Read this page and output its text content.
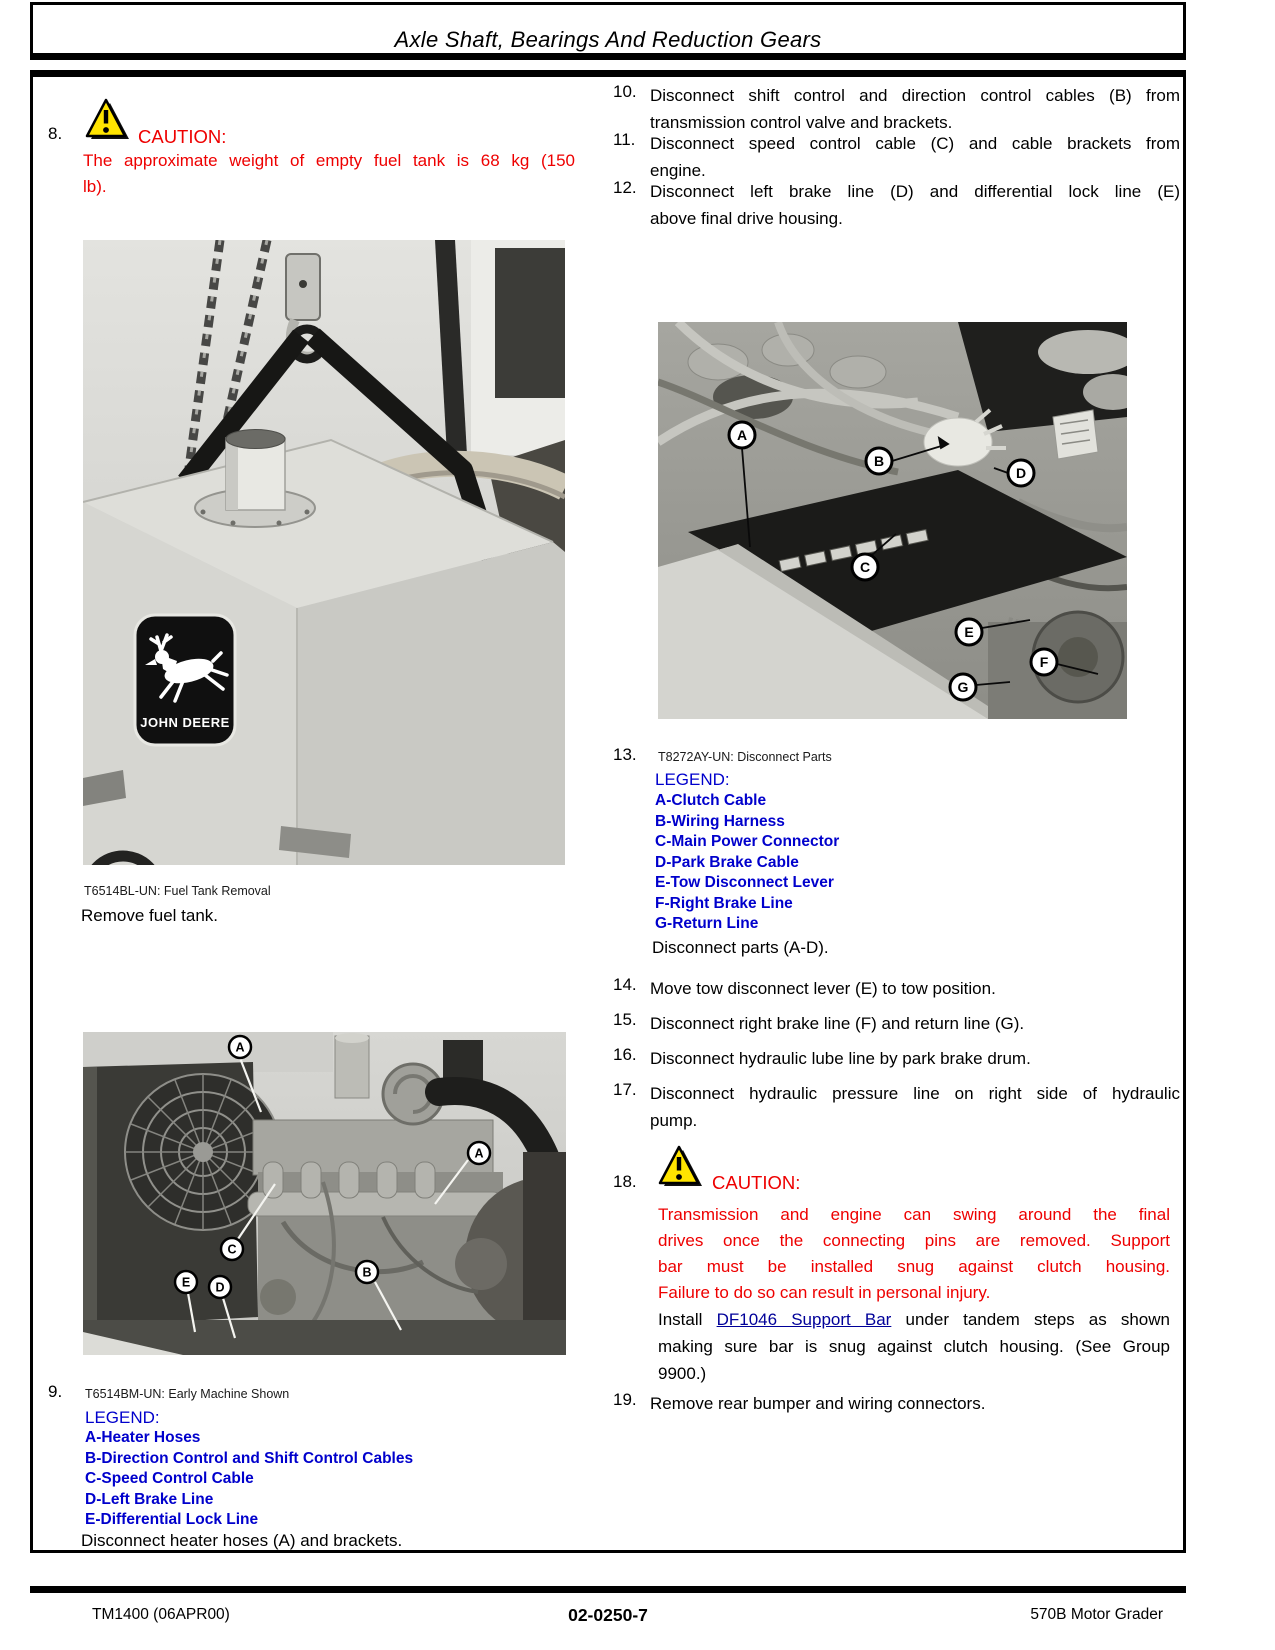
Axle Shaft, Bearings And Reduction Gears
8.	CAUTION:
The approximate weight of empty fuel tank is 68 kg (150
lb).
JOHN DEERE
T6514BL-UN: Fuel Tank Removal
Remove fuel tank.
A
A
C
E D
B
9. T6514BM-UN: Early Machine Shown
LEGEND:
A-Heater Hoses
B-Direction Control and Shift Control Cables
C-Speed Control Cable
D-Left Brake Line
E-Differential Lock Line
Disconnect heater hoses (A) and brackets.
10. Disconnect shift control and direction control cables (B) from
transmission control valve and brackets.
11. Disconnect speed control cable (C) and cable brackets from
engine.
12. Disconnect left brake line (D) and differential lock line (E)
above final drive housing.
A
B
D
C
E
F
G
13. T8272AY-UN: Disconnect Parts
LEGEND:
A-Clutch Cable
B-Wiring Harness
C-Main Power Connector
D-Park Brake Cable
E-Tow Disconnect Lever
F-Right Brake Line
G-Return Line
Disconnect parts (A-D).
14. Move tow disconnect lever (E) to tow position.
15. Disconnect right brake line (F) and return line (G).
16. Disconnect hydraulic lube line by park brake drum.
17. Disconnect hydraulic pressure line on right side of hydraulic
pump.
18.	CAUTION:
Transmission and engine can swing around the final
drives once the connecting pins are removed. Support
bar must be installed snug against clutch housing.
Failure to do so can result in personal injury.
Install DF1046 Support Bar under tandem steps as shown
making sure bar is snug against clutch housing. (See Group
9900.)
19. Remove rear bumper and wiring connectors.
TM1400 (06APR00)	02-0250-7	570B Motor Grader
